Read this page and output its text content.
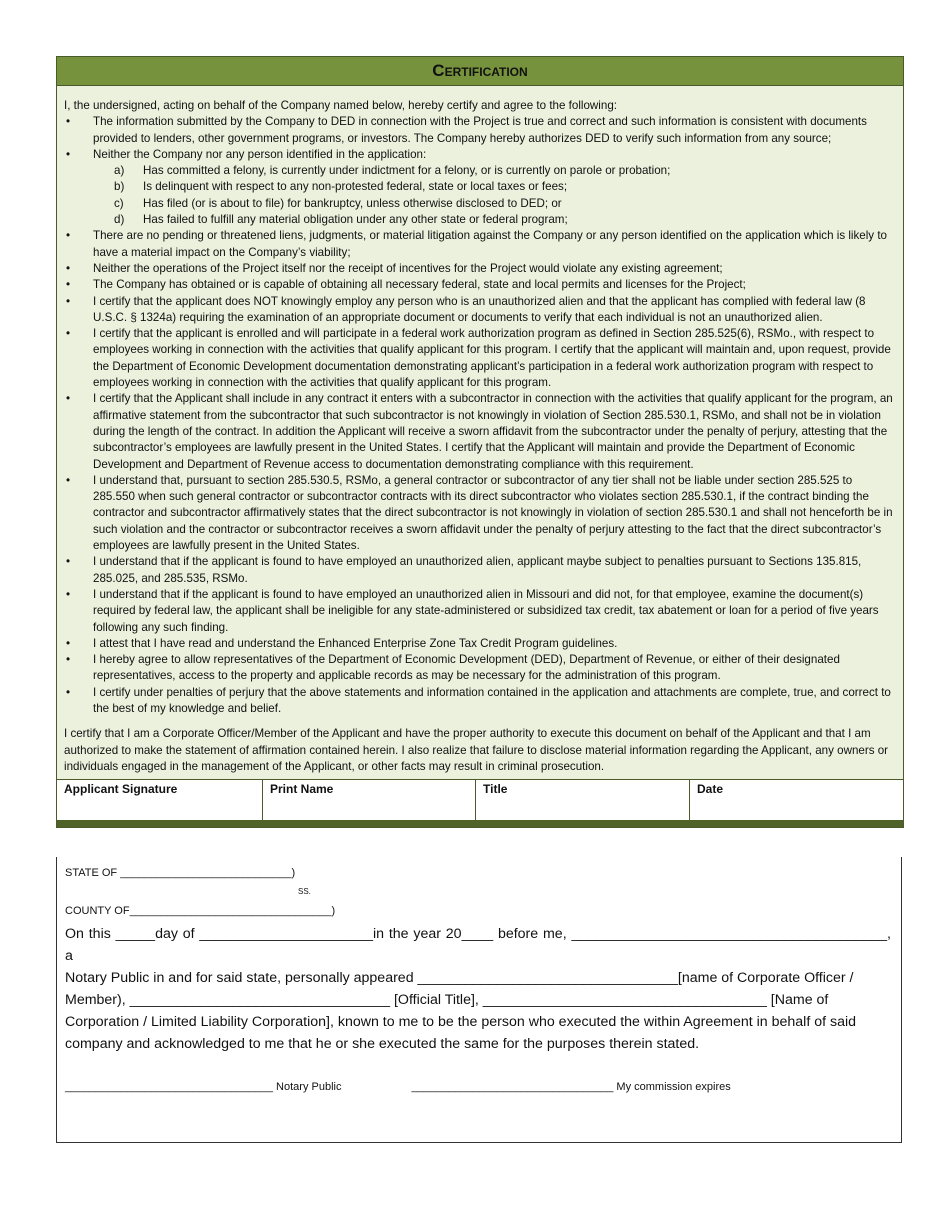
Certification

I, the undersigned, acting on behalf of the Company named below, hereby certify and agree to the following:

• The information submitted by the Company to DED in connection with the Project is true and correct and such information is consistent with documents provided to lenders, other government programs, or investors. The Company hereby authorizes DED to verify such information from any source;
• Neither the Company nor any person identified in the application:
a)	Has committed a felony, is currently under indictment for a felony, or is currently on parole or probation;
b)	Is delinquent with respect to any non-protested federal, state or local taxes or fees;
c)	Has filed (or is about to file) for bankruptcy, unless otherwise disclosed to DED; or
d)	Has failed to fulfill any material obligation under any other state or federal program;
• There are no pending or threatened liens, judgments, or material litigation against the Company or any person identified on the application which is likely to have a material impact on the Company’s viability;
• Neither the operations of the Project itself nor the receipt of incentives for the Project would violate any existing agreement;
• The Company has obtained or is capable of obtaining all necessary federal, state and local permits and licenses for the Project;
• I certify that the applicant does NOT knowingly employ any person who is an unauthorized alien and that the applicant has complied with federal law (8 U.S.C. § 1324a) requiring the examination of an appropriate document or documents to verify that each individual is not an unauthorized alien.
• I certify that the applicant is enrolled and will participate in a federal work authorization program as defined in Section 285.525(6), RSMo., with respect to employees working in connection with the activities that qualify applicant for this program. I certify that the applicant will maintain and, upon request, provide the Department of Economic Development documentation demonstrating applicant’s participation in a federal work authorization program with respect to employees working in connection with the activities that qualify applicant for this program.
• I certify that the Applicant shall include in any contract it enters with a subcontractor in connection with the activities that qualify applicant for the program, an affirmative statement from the subcontractor that such subcontractor is not knowingly in violation of Section 285.530.1, RSMo, and shall not be in violation during the length of the contract. In addition the Applicant will receive a sworn affidavit from the subcontractor under the penalty of perjury, attesting that the subcontractor’s employees are lawfully present in the United States. I certify that the Applicant will maintain and provide the Department of Economic Development and Department of Revenue access to documentation demonstrating compliance with this requirement.
• I understand that, pursuant to section 285.530.5, RSMo, a general contractor or subcontractor of any tier shall not be liable under section 285.525 to 285.550 when such general contractor or subcontractor contracts with its direct subcontractor who violates section 285.530.1, if the contract binding the contractor and subcontractor affirmatively states that the direct subcontractor is not knowingly in violation of section 285.530.1 and shall not henceforth be in such violation and the contractor or subcontractor receives a sworn affidavit under the penalty of perjury attesting to the fact that the direct subcontractor’s employees are lawfully present in the United States.
• I understand that if the applicant is found to have employed an unauthorized alien, applicant maybe subject to penalties pursuant to Sections 135.815, 285.025, and 285.535, RSMo.
• I understand that if the applicant is found to have employed an unauthorized alien in Missouri and did not, for that employee, examine the document(s) required by federal law, the applicant shall be ineligible for any state-administered or subsidized tax credit, tax abatement or loan for a period of five years following any such finding.
• I attest that I have read and understand the Enhanced Enterprise Zone Tax Credit Program guidelines.
• I hereby agree to allow representatives of the Department of Economic Development (DED), Department of Revenue, or either of their designated representatives, access to the property and applicable records as may be necessary for the administration of this program.
• I certify under penalties of perjury that the above statements and information contained in the application and attachments are complete, true, and correct to the best of my knowledge and belief.

I certify that I am a Corporate Officer/Member of the Applicant and have the proper authority to execute this document on behalf of the Applicant and that I am authorized to make the statement of affirmation contained herein. I also realize that failure to disclose material information regarding the Applicant, any owners or individuals engaged in the management of the Applicant, or other facts may result in criminal prosecution.

Applicant Signature	Print Name	Title	Date
STATE OF ____________________________)
SS.
COUNTY OF_________________________________)
On this _____day of ______________________in the year 20____ before me, ________________________________________, a
Notary Public in and for said state, personally appeared _________________________________[name of Corporate Officer / Member), _________________________________ [Official Title], ____________________________________ [Name of Corporation / Limited Liability Corporation], known to me to be the person who executed the within Agreement in behalf of said company and acknowledged to me that he or she executed the same for the purposes therein stated.
__________________________________ Notary Public	_________________________________ My commission expires
